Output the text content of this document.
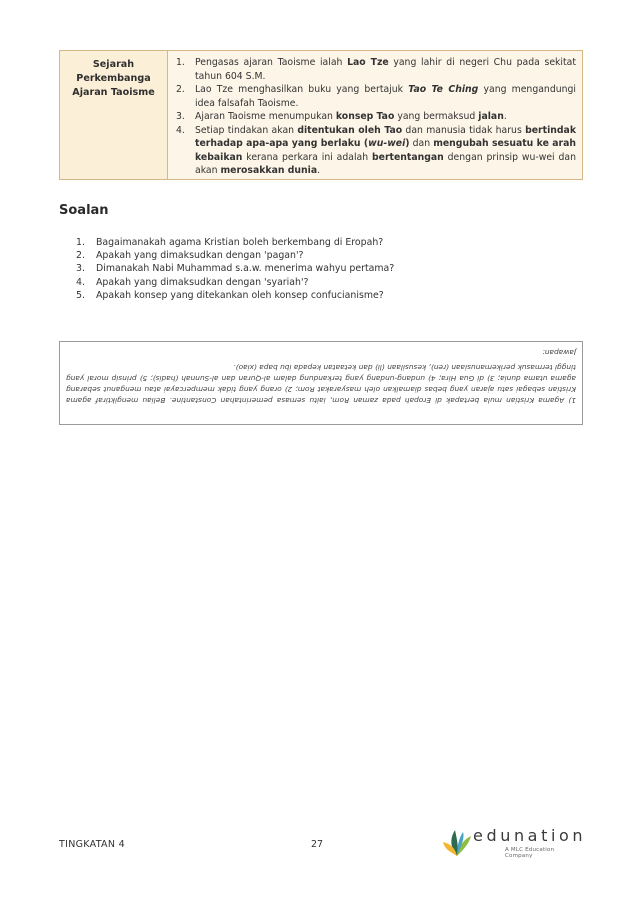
Sejarah
Perkembanga
Ajaran Taoisme
1.	Pengasas ajaran Taoisme ialah Lao Tze yang lahir di negeri Chu pada sekitat tahun 604 S.M.
2.	Lao Tze menghasilkan buku yang bertajuk Tao Te Ching yang mengandungi idea falsafah Taoisme.
3.	Ajaran Taoisme menumpukan konsep Tao yang bermaksud jalan.
4.	Setiap tindakan akan ditentukan oleh Tao dan manusia tidak harus bertindak terhadap apa-apa yang berlaku (wu-wei) dan mengubah sesuatu ke arah kebaikan kerana perkara ini adalah bertentangan dengan prinsip wu-wei dan akan merosakkan dunia.
Soalan
1.	Bagaimanakah agama Kristian boleh berkembang di Eropah?
2.	Apakah yang dimaksudkan dengan 'pagan'?
3.	Dimanakah Nabi Muhammad s.a.w. menerima wahyu pertama?
4.	Apakah yang dimaksudkan dengan 'syariah'?
5.	Apakah konsep yang ditekankan oleh konsep confucianisme?

1) Agama Kristian mula bertapak di Eropah pada zaman Rom, iaitu semasa pemerintahan Constantine. Beliau mengiktiraf agama Kristian sebagai satu ajaran yang bebas diamalkan oleh masyarakat Rom; 2) orang yang tidak mempercayai atau menganut sebarang agama utama dunia; 3) di Gua Hira; 4) undang-undang yang terkandung dalam al-Quran dan al-Sunnah (hadis); 5) prinsip moral yang tinggi termasuk perikemanusiaan (ren), kesusilaan (li) dan ketaatan kepada ibu bapa (xiao).

Jawapan:

TINGKATAN 4	27	edunation
A MLC Education Company
